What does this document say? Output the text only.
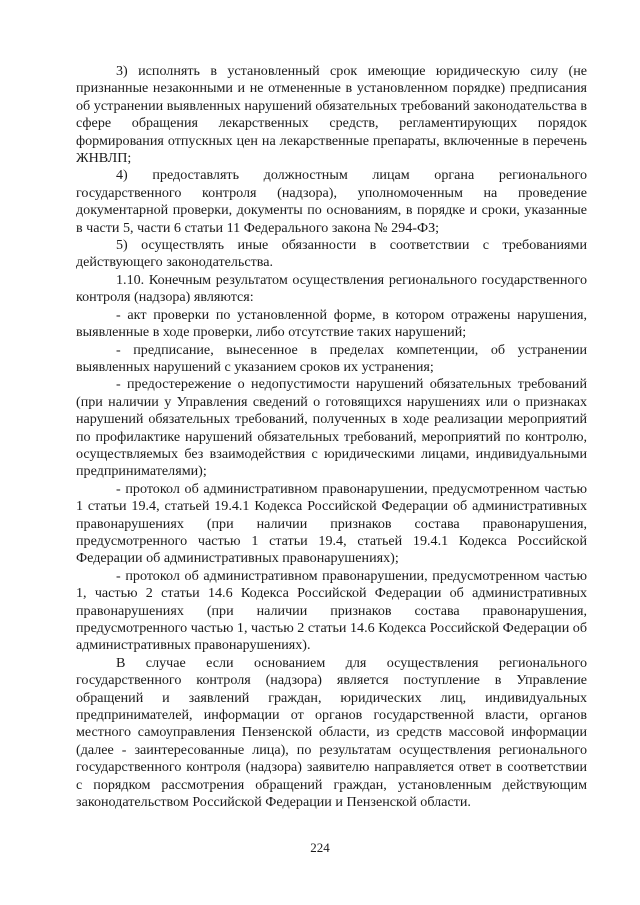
3) исполнять в установленный срок имеющие юридическую силу (не признанные незаконными и не отмененные в установленном порядке) предписания об устранении выявленных нарушений обязательных требований законодательства в сфере обращения лекарственных средств, регламентирующих порядок формирования отпускных цен на лекарственные препараты, включенные в перечень ЖНВЛП;

4) предоставлять должностным лицам органа регионального государственного контроля (надзора), уполномоченным на проведение документарной проверки, документы по основаниям, в порядке и сроки, указанные в части 5, части 6 статьи 11 Федерального закона № 294-ФЗ;

5) осуществлять иные обязанности в соответствии с требованиями действующего законодательства.

1.10. Конечным результатом осуществления регионального государственного контроля (надзора) являются:

- акт проверки по установленной форме, в котором отражены нарушения, выявленные в ходе проверки, либо отсутствие таких нарушений;

- предписание, вынесенное в пределах компетенции, об устранении выявленных нарушений с указанием сроков их устранения;

- предостережение о недопустимости нарушений обязательных требований (при наличии у Управления сведений о готовящихся нарушениях или о признаках нарушений обязательных требований, полученных в ходе реализации мероприятий по профилактике нарушений обязательных требований, мероприятий по контролю, осуществляемых без взаимодействия с юридическими лицами, индивидуальными предпринимателями);

- протокол об административном правонарушении, предусмотренном частью 1 статьи 19.4, статьей 19.4.1 Кодекса Российской Федерации об административных правонарушениях (при наличии признаков состава правонарушения, предусмотренного частью 1 статьи 19.4, статьей 19.4.1 Кодекса Российской Федерации об административных правонарушениях);

- протокол об административном правонарушении, предусмотренном частью 1, частью 2 статьи 14.6 Кодекса Российской Федерации об административных правонарушениях (при наличии признаков состава правонарушения, предусмотренного частью 1, частью 2 статьи 14.6 Кодекса Российской Федерации об административных правонарушениях).

В случае если основанием для осуществления регионального государственного контроля (надзора) является поступление в Управление обращений и заявлений граждан, юридических лиц, индивидуальных предпринимателей, информации от органов государственной власти, органов местного самоуправления Пензенской области, из средств массовой информации (далее - заинтересованные лица), по результатам осуществления регионального государственного контроля (надзора) заявителю направляется ответ в соответствии с порядком рассмотрения обращений граждан, установленным действующим законодательством Российской Федерации и Пензенской области.

224
